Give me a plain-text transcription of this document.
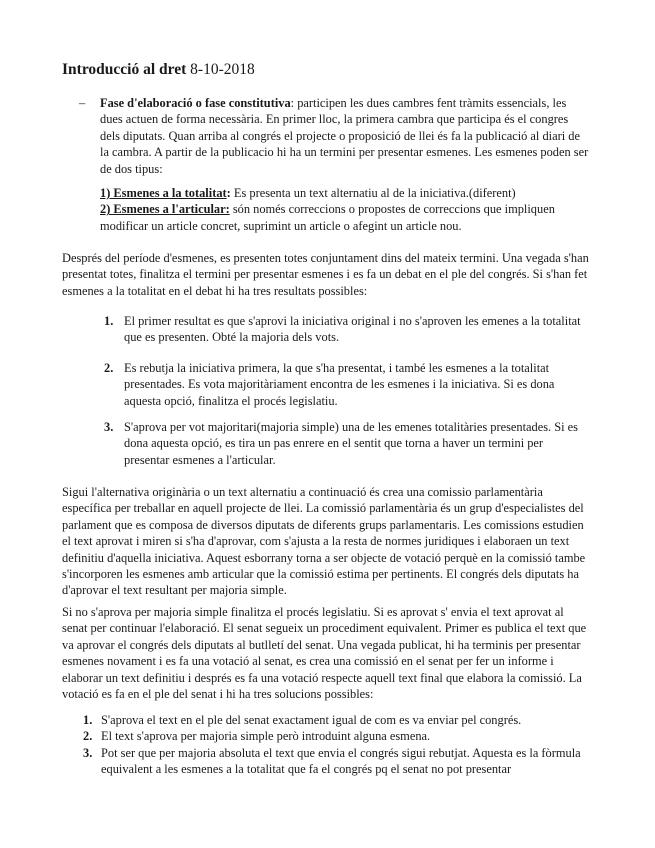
Introducció al dret 8-10-2018
– Fase d'elaboració o fase constitutiva: participen les dues cambres fent tràmits essencials, les dues actuen de forma necessària. En primer lloc, la primera cambra que participa és el congres dels diputats. Quan arriba al congrés el projecte o proposició de llei és fa la publicació al diari de la cambra. A partir de la publicacio hi ha un termini per presentar esmenes. Les esmenes poden ser de dos tipus:
1) Esmenes a la totalitat: Es presenta un text alternatiu al de la iniciativa.(diferent)
2) Esmenes a l'articular: són només correccions o propostes de correccions que impliquen modificar un article concret, suprimint un article o afegint un article nou.
Després del període d'esmenes, es presenten totes conjuntament dins del mateix termini. Una vegada s'han presentat totes, finalitza el termini per presentar esmenes i es fa un debat en el ple del congrés. Si s'han fet esmenes a la totalitat en el debat hi ha tres resultats possibles:
1. El primer resultat es que s'aprovi la iniciativa original i no s'aproven les emenes a la totalitat que es presenten. Obté la majoria dels vots.
2. Es rebutja la iniciativa primera, la que s'ha presentat, i també les esmenes a la totalitat presentades. Es vota majoritàriament encontra de les esmenes i la iniciativa. Si es dona aquesta opció, finalitza el procés legislatiu.
3. S'aprova per vot majoritari(majoria simple) una de les emenes totalitàries presentades. Si es dona aquesta opció, es tira un pas enrere en el sentit que torna a haver un termini per presentar esmenes a l'articular.
Sigui l'alternativa originària o un text alternatiu a continuació és crea una comissio parlamentària específica per treballar en aquell projecte de llei. La comissió parlamentària és un grup d'especialistes del parlament que es composa de diversos diputats de diferents grups parlamentaris. Les comissions estudien el text aprovat i miren si s'ha d'aprovar, com s'ajusta a la resta de normes juridiques i elaboraen un text definitiu d'aquella iniciativa. Aquest esborrany torna a ser objecte de votació perquè en la comissió tambe s'incorporen les esmenes amb articular que la comissió estima per pertinents. El congrés dels diputats ha d'aprovar el text resultant per majoria simple.
Si no s'aprova per majoria simple finalitza el procés legislatiu. Si es aprovat s' envia el text aprovat al senat per continuar l'elaboració. El senat segueix un procediment equivalent. Primer es publica el text que va aprovar el congrés dels diputats al butlletí del senat. Una vegada publicat, hi ha terminis per presentar esmenes novament i es fa una votació al senat, es crea una comissió en el senat per fer un informe i elaborar un text definitiu i després es fa una votació respecte aquell text final que elabora la comissió. La votació es fa en el ple del senat i hi ha tres solucions possibles:
1. S'aprova el text en el ple del senat exactament igual de com es va enviar pel congrés.
2. El text s'aprova per majoria simple però introduint alguna esmena.
3. Pot ser que per majoria absoluta el text que envia el congrés sigui rebutjat. Aquesta es la fòrmula equivalent a les esmenes a la totalitat que fa el congrés pq el senat no pot presentar
